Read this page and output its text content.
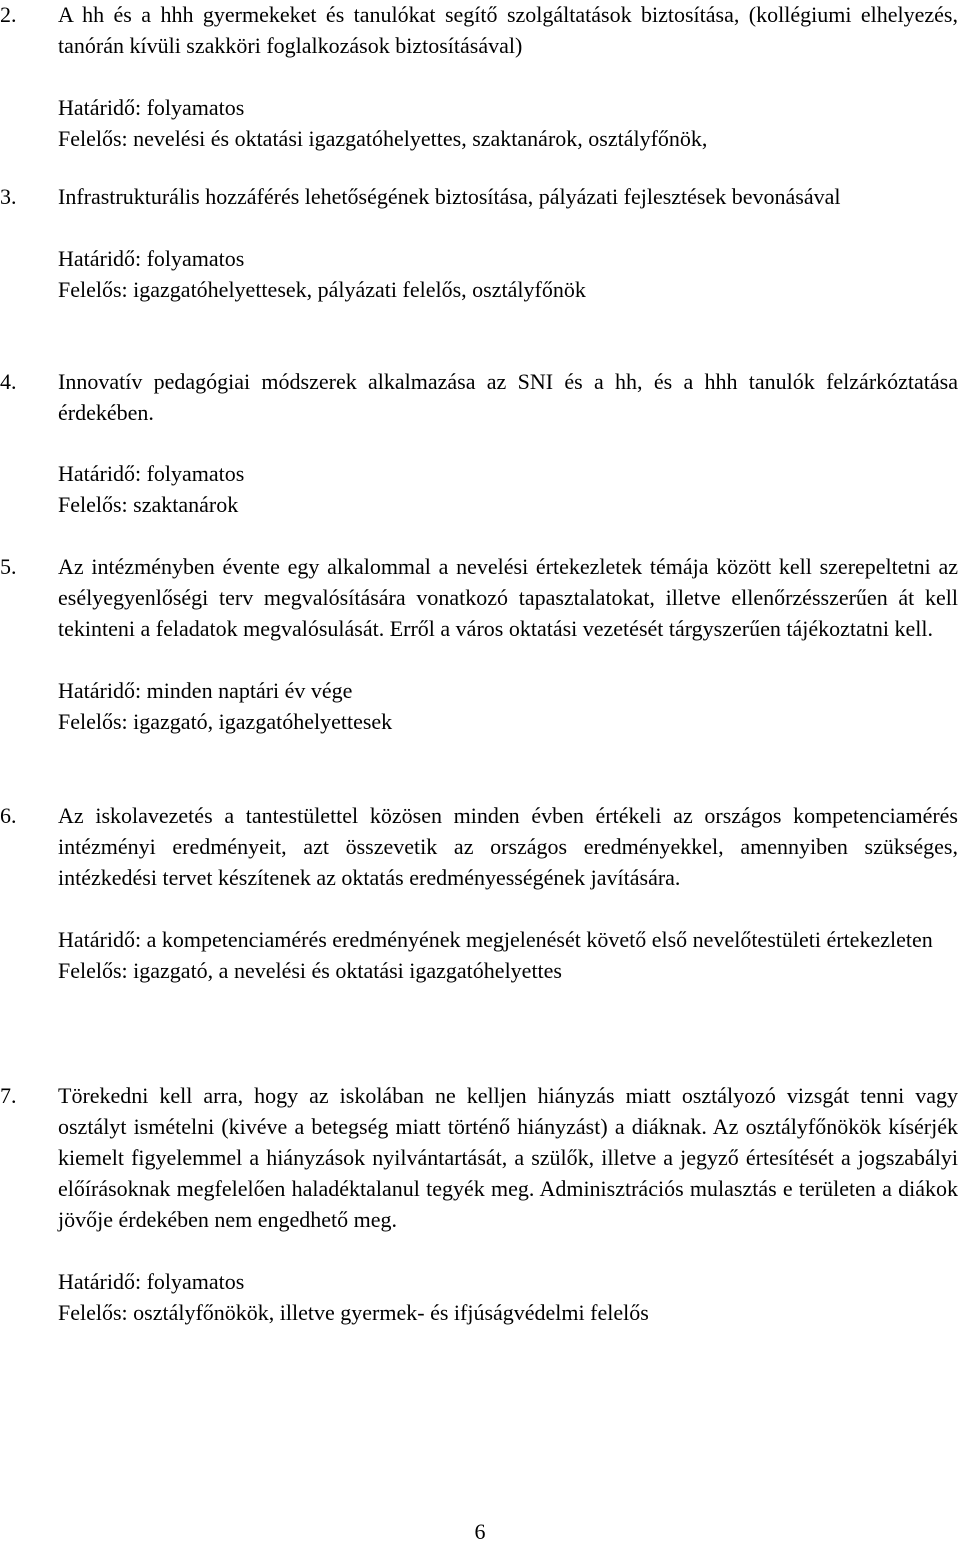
2. A hh és a hhh gyermekeket és tanulókat segítő szolgáltatások biztosítása, (kollégiumi elhelyezés, tanórán kívüli szakköri foglalkozások biztosításával)

Határidő: folyamatos
Felelős: nevelési és oktatási igazgatóhelyettes, szaktanárok, osztályfőnök,
3. Infrastrukturális hozzáférés lehetőségének biztosítása, pályázati fejlesztések bevonásával

Határidő: folyamatos
Felelős: igazgatóhelyettesek, pályázati felelős, osztályfőnök
4. Innovatív pedagógiai módszerek alkalmazása az SNI és a hh, és a hhh tanulók felzárkóztatása érdekében.

Határidő: folyamatos
Felelős: szaktanárok
5. Az intézményben évente egy alkalommal a nevelési értekezletek témája között kell szerepeltetni az esélyegyenlőségi terv megvalósítására vonatkozó tapasztalatokat, illetve ellenőrzésszerűen át kell tekinteni a feladatok megvalósulását. Erről a város oktatási vezetését tárgyszerűen tájékoztatni kell.

Határidő: minden naptári év vége
Felelős: igazgató, igazgatóhelyettesek
6. Az iskolavezetés a tantestülettel közösen minden évben értékeli az országos kompetenciamérés intézményi eredményeit, azt összevetik az országos eredményekkel, amennyiben szükséges, intézkedési tervet készítenek az oktatás eredményességének javítására.

Határidő: a kompetenciamérés eredményének megjelenését követő első nevelőtestületi értekezleten
Felelős: igazgató, a nevelési és oktatási igazgatóhelyettes
7. Törekedni kell arra, hogy az iskolában ne kelljen hiányzás miatt osztályozó vizsgát tenni vagy osztályt ismételni (kivéve a betegség miatt történő hiányzást) a diáknak. Az osztályfőnökök kísérjék kiemelt figyelemmel a hiányzások nyilvántartását, a szülők, illetve a jegyző értesítését a jogszabályi előírásoknak megfelelően haladéktalanul tegyék meg. Adminisztrációs mulasztás e területen a diákok jövője érdekében nem engedhető meg.

Határidő: folyamatos
Felelős: osztályfőnökök, illetve gyermek- és ifjúságvédelmi felelős
6
